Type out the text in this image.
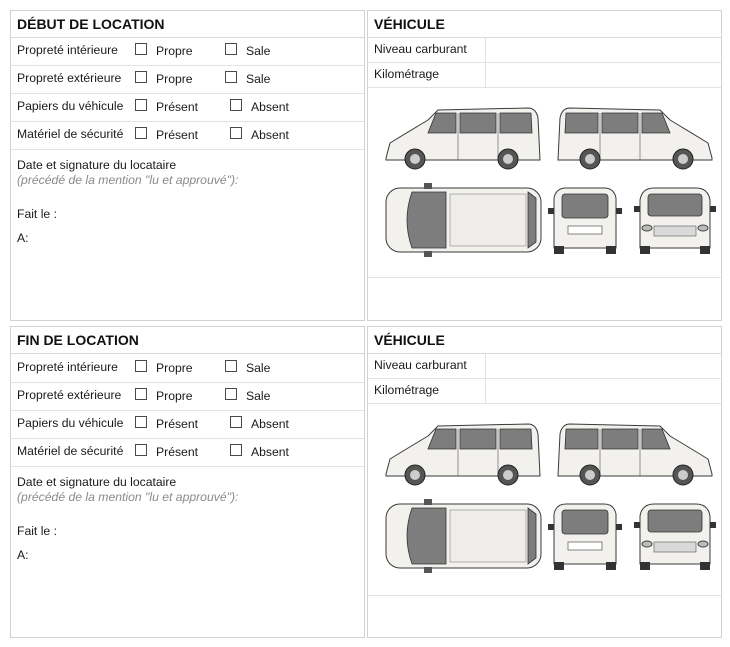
DÉBUT DE LOCATION
Propreté intérieure	Propre	Sale
Propreté extérieure	Propre	Sale
Papiers du véhicule	Présent	Absent
Matériel de sécurité	Présent	Absent
Date et signature du locataire
(précédé de la mention "lu et approuvé"):
Fait le :
A:
VÉHICULE
Niveau carburant
Kilométrage
FIN DE LOCATION
Propreté intérieure	Propre	Sale
Propreté extérieure	Propre	Sale
Papiers du véhicule	Présent	Absent
Matériel de sécurité	Présent	Absent
Date et signature du locataire
(précédé de la mention "lu et approuvé"):
Fait le :
A:
VÉHICULE
Niveau carburant
Kilométrage
